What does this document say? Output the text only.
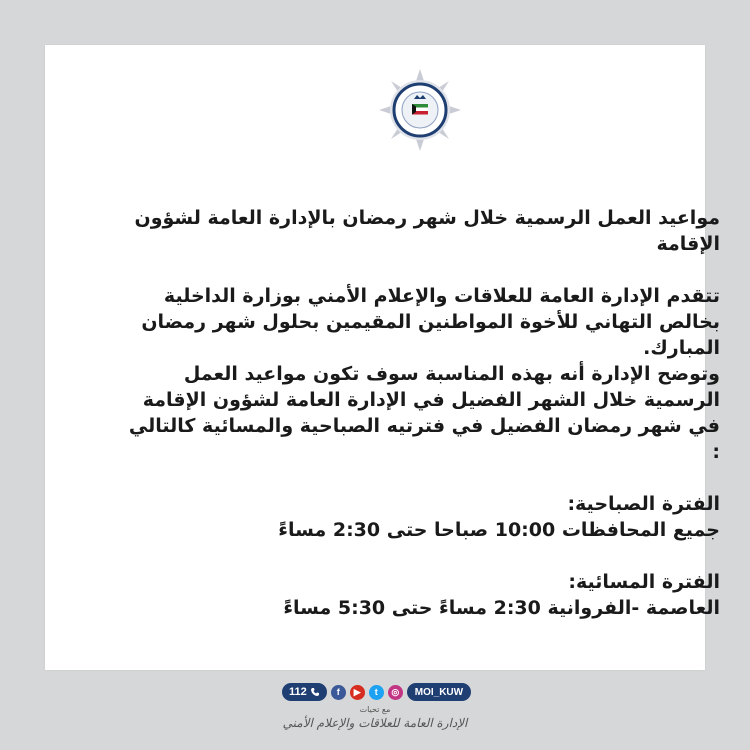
مواعيد العمل الرسمية خلال شهر رمضان بالإدارة العامة لشؤون الإقامة

تتقدم الإدارة العامة للعلاقات والإعلام الأمني بوزارة الداخلية بخالص التهاني للأخوة المواطنين المقيمين بحلول شهر رمضان المبارك.

وتوضح الإدارة أنه بهذه المناسبة سوف تكون مواعيد العمل الرسمية خلال الشهر الفضيل في الإدارة العامة لشؤون الإقامة في شهر رمضان الفضيل في فترتيه الصباحية والمسائية كالتالي :

الفترة الصباحية:

جميع المحافظات 10:00 صباحا حتى 2:30 مساءً

الفترة المسائية:

العاصمة -الفروانية 2:30 مساءً حتى 5:30 مساءً

112	f	▶	t	◎	MOI_KUW
مع تحيات
الإدارة العامة للعلاقات والإعلام الأمني
